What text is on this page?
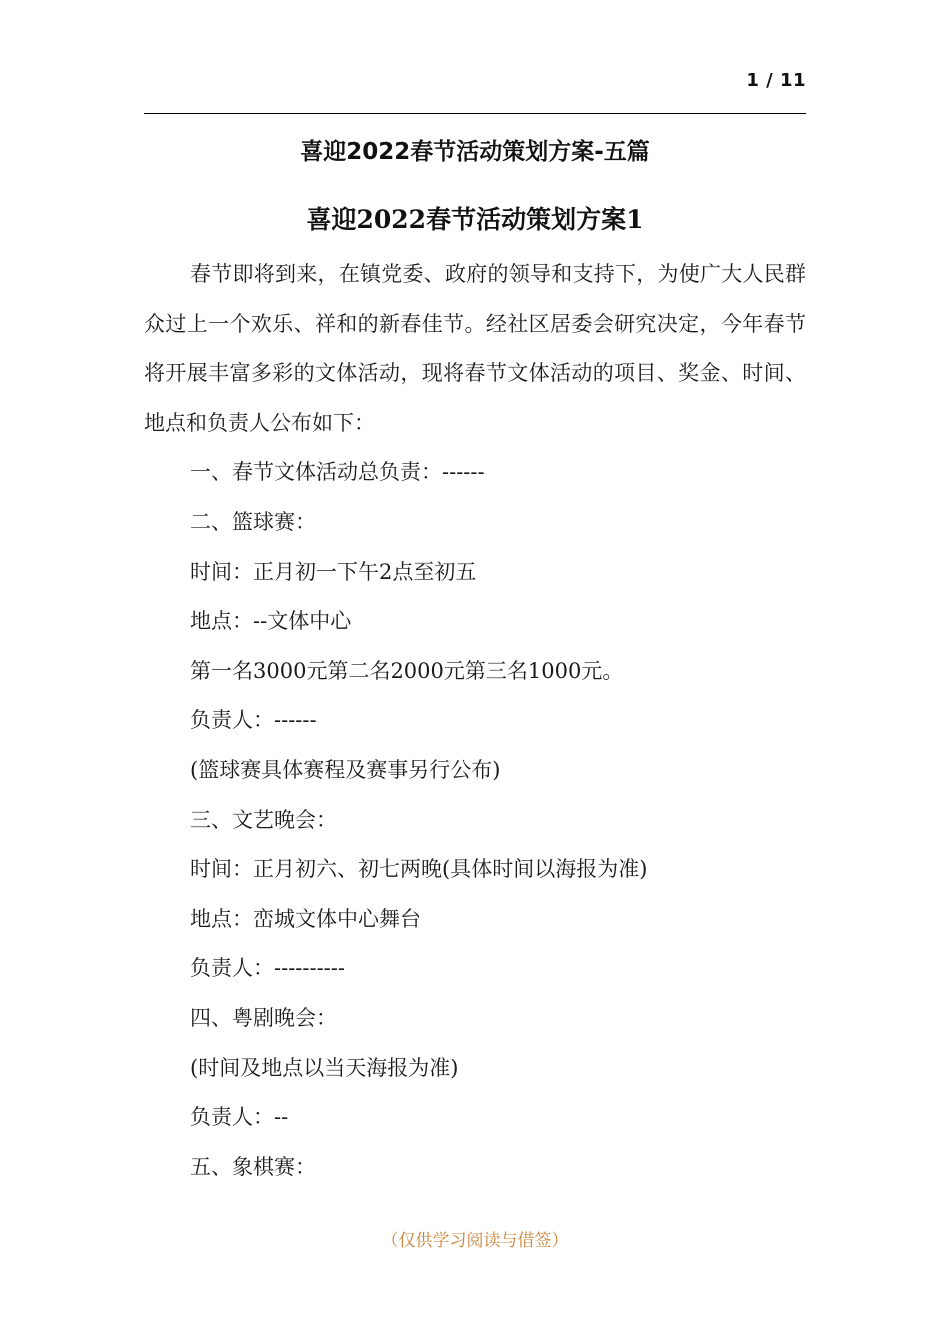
1 / 11
喜迎2022春节活动策划方案-五篇
喜迎2022春节活动策划方案1

春节即将到来，在镇党委、政府的领导和支持下，为使广大人民群众过上一个欢乐、祥和的新春佳节。经社区居委会研究决定，今年春节将开展丰富多彩的文体活动，现将春节文体活动的项目、奖金、时间、地点和负责人公布如下：

一、春节文体活动总负责：------

二、篮球赛：

时间：正月初一下午2点至初五

地点：--文体中心

第一名3000元第二名2000元第三名1000元。

负责人：------

(篮球赛具体赛程及赛事另行公布)

三、文艺晚会：

时间：正月初六、初七两晚(具体时间以海报为准)

地点：峦城文体中心舞台

负责人：----------

四、粤剧晚会：

(时间及地点以当天海报为准)

负责人：--

五、象棋赛：

（仅供学习阅读与借签）
